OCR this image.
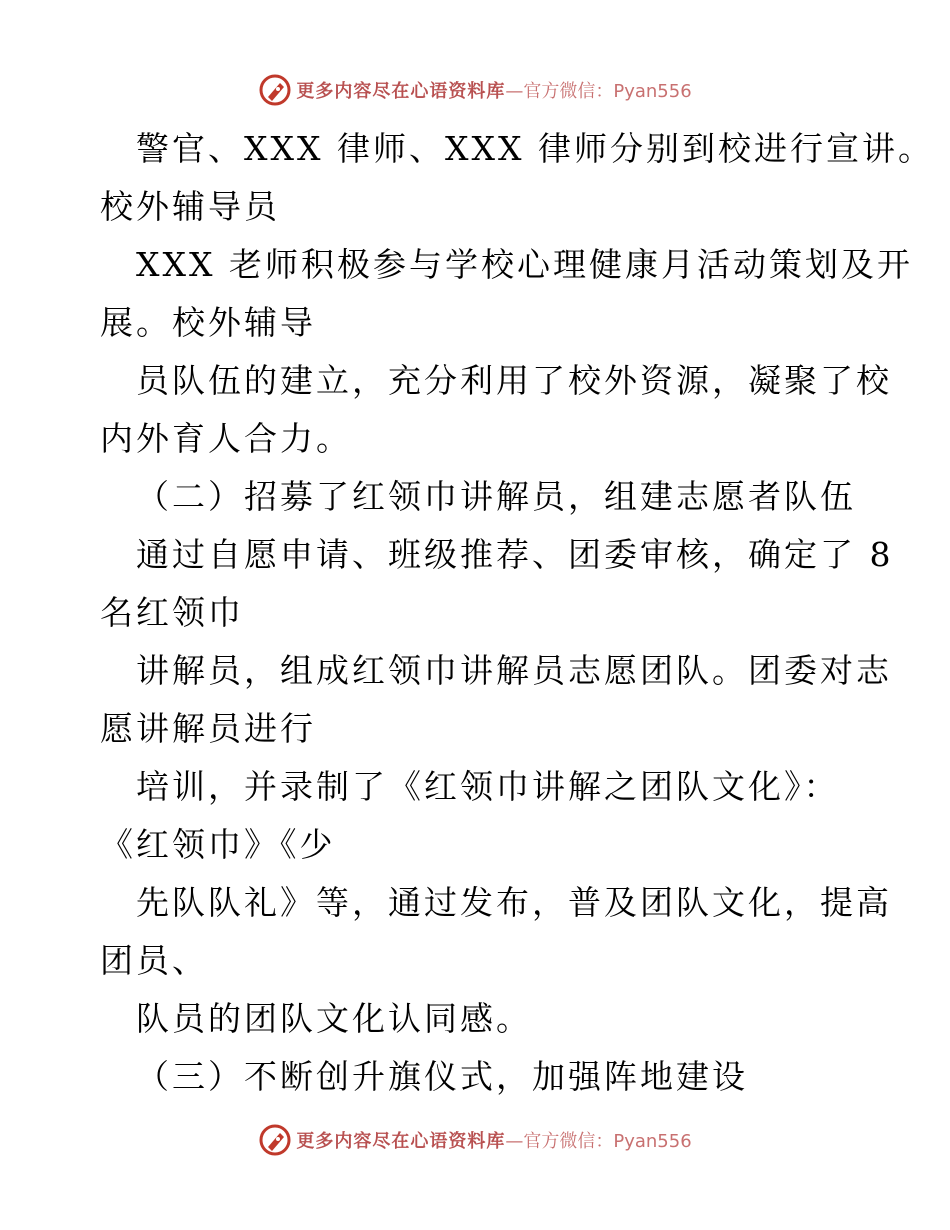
更多内容尽在心语资料库 —官方微信：Pyan556
警官、XXX 律师、XXX 律师分别到校进行宣讲。
校外辅导员
XXX 老师积极参与学校心理健康月活动策划及开
展。校外辅导
员队伍的建立，充分利用了校外资源，凝聚了校
内外育人合力。
（二）招募了红领巾讲解员，组建志愿者队伍
通过自愿申请、班级推荐、团委审核，确定了 8
名红领巾
讲解员，组成红领巾讲解员志愿团队。团委对志
愿讲解员进行
培训，并录制了《红领巾讲解之团队文化》：
《红领巾》《少
先队队礼》等，通过发布，普及团队文化，提高
团员、
队员的团队文化认同感。
（三）不断创升旗仪式，加强阵地建设
更多内容尽在心语资料库 —官方微信：Pyan556
